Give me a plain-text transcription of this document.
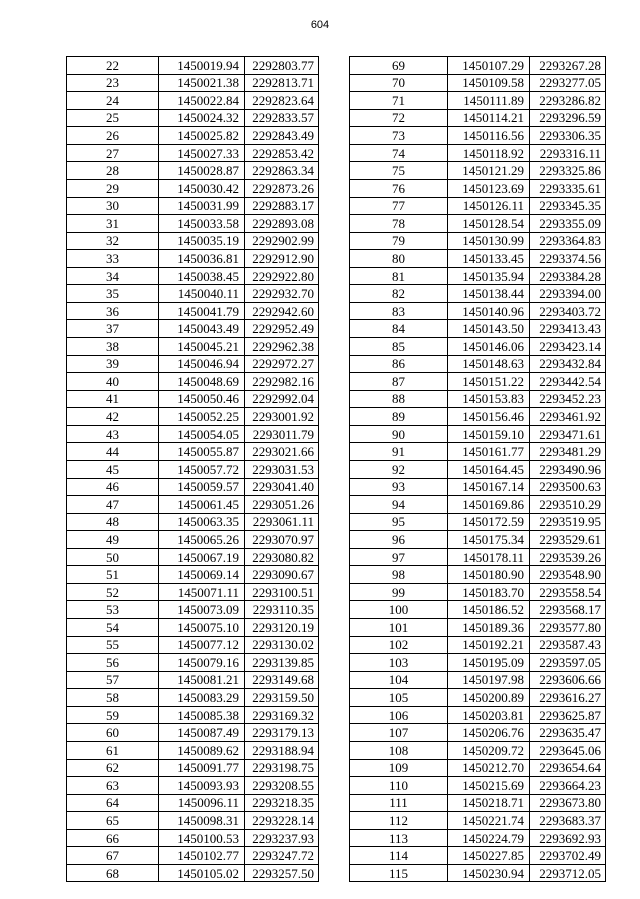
604
22	1450019.94	2292803.77
23	1450021.38	2292813.71
24	1450022.84	2292823.64
25	1450024.32	2292833.57
26	1450025.82	2292843.49
27	1450027.33	2292853.42
28	1450028.87	2292863.34
29	1450030.42	2292873.26
30	1450031.99	2292883.17
31	1450033.58	2292893.08
32	1450035.19	2292902.99
33	1450036.81	2292912.90
34	1450038.45	2292922.80
35	1450040.11	2292932.70
36	1450041.79	2292942.60
37	1450043.49	2292952.49
38	1450045.21	2292962.38
39	1450046.94	2292972.27
40	1450048.69	2292982.16
41	1450050.46	2292992.04
42	1450052.25	2293001.92
43	1450054.05	2293011.79
44	1450055.87	2293021.66
45	1450057.72	2293031.53
46	1450059.57	2293041.40
47	1450061.45	2293051.26
48	1450063.35	2293061.11
49	1450065.26	2293070.97
50	1450067.19	2293080.82
51	1450069.14	2293090.67
52	1450071.11	2293100.51
53	1450073.09	2293110.35
54	1450075.10	2293120.19
55	1450077.12	2293130.02
56	1450079.16	2293139.85
57	1450081.21	2293149.68
58	1450083.29	2293159.50
59	1450085.38	2293169.32
60	1450087.49	2293179.13
61	1450089.62	2293188.94
62	1450091.77	2293198.75
63	1450093.93	2293208.55
64	1450096.11	2293218.35
65	1450098.31	2293228.14
66	1450100.53	2293237.93
67	1450102.77	2293247.72
68	1450105.02	2293257.50
69	1450107.29	2293267.28
70	1450109.58	2293277.05
71	1450111.89	2293286.82
72	1450114.21	2293296.59
73	1450116.56	2293306.35
74	1450118.92	2293316.11
75	1450121.29	2293325.86
76	1450123.69	2293335.61
77	1450126.11	2293345.35
78	1450128.54	2293355.09
79	1450130.99	2293364.83
80	1450133.45	2293374.56
81	1450135.94	2293384.28
82	1450138.44	2293394.00
83	1450140.96	2293403.72
84	1450143.50	2293413.43
85	1450146.06	2293423.14
86	1450148.63	2293432.84
87	1450151.22	2293442.54
88	1450153.83	2293452.23
89	1450156.46	2293461.92
90	1450159.10	2293471.61
91	1450161.77	2293481.29
92	1450164.45	2293490.96
93	1450167.14	2293500.63
94	1450169.86	2293510.29
95	1450172.59	2293519.95
96	1450175.34	2293529.61
97	1450178.11	2293539.26
98	1450180.90	2293548.90
99	1450183.70	2293558.54
100	1450186.52	2293568.17
101	1450189.36	2293577.80
102	1450192.21	2293587.43
103	1450195.09	2293597.05
104	1450197.98	2293606.66
105	1450200.89	2293616.27
106	1450203.81	2293625.87
107	1450206.76	2293635.47
108	1450209.72	2293645.06
109	1450212.70	2293654.64
110	1450215.69	2293664.23
111	1450218.71	2293673.80
112	1450221.74	2293683.37
113	1450224.79	2293692.93
114	1450227.85	2293702.49
115	1450230.94	2293712.05
